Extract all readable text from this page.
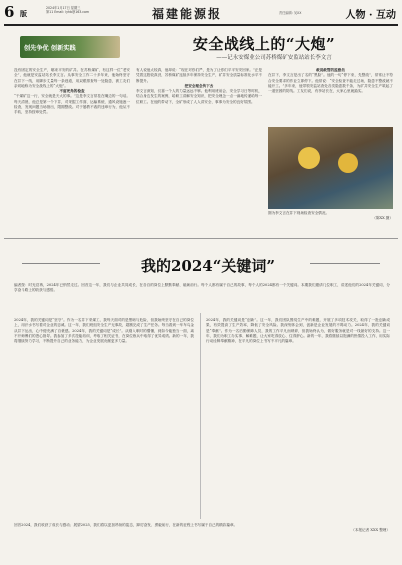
6 版
2024年1月17日 星期三
第11 Email: lyhb@163.com	福建能源报	责任编辑: 吴XX	人物 · 互动
创先争优 创新实践	安全战线上的“大炮”
——记永安煤业公司苏桥煤矿安监站站长李文言
没有固定的安全生产，哪来平安的矿井。在苏桥煤矿，有这样一位“老安全”，他就是安监站站长李文言。从事安全工作二十多年来，他始终坚守在井下一线，用脚步丈量每一条巷道，用双眼排查每一处隐患，被工友们亲切地称为安全战线上的“大炮”。
不留死角的检查
“干煤矿这一行，安全就是天大的事。”这是李文言常挂在嘴边的一句话。每天清晨，他总是第一个下井，对采掘工作面、运输系统、通风设施逐一检查，发现问题当场指出，限期整改。对于屡教不改的违章行为，他从不手软，坚持按章处罚。
有人说他太较真，他却说：“现在对你们严，是为了让你们平平安安回家。”正是凭着这股较真劲，苏桥煤矿连续多年保持安全生产，矿井安全质量标准化水平不断提升。
把安全理念传下去
李文言深知，仅靠一个人的力量远远不够。他利用班前会、安全学习日等时机，结合身边发生的案例，给职工讲解安全知识，把安全理念一点一滴地传递给每一位职工。在他的带动下，全矿形成了人人讲安全、事事为安全的良好氛围。
敢说敢管的监督员
在井下，李文言是出了名的“黑脸”。他的一句“停下来，先整改”，常常让不符合安全要求的作业立即停下。他常说：“安全检查不能走过场，隐患不整改就不能开工。”多年来，他带领安监站查处各类隐患数千条，为矿井安全生产筑起了一道坚固的防线。工友们说，有李站长在，大家心里就踏实。
图为李文言在井下现场检查安全情况。
（陈XX 摄）
我的2024“关键词”
编者按：时光荏苒，2024年已悄然走过。回首这一年，我们与企业共同成长，在各自的岗位上默默奉献、砥砺前行。每个人都有属于自己的故事，每个人的2024都有一个关键词。本期我们邀请几位职工，讲述他们的2024年关键词，分享奋斗路上的收获与感悟。
2024年，我的关键词是“坚守”。作为一名井下采煤工，我每天面对的是黑暗与危险，但我始终坚守在自己的岗位上，用汗水书写着对企业的忠诚。这一年，我们班组安全生产无事故，超额完成了生产任务。每当看到一车车乌金从井下运出，心中便充满了自豪感。2024年，我的关键词是“成长”。从刚入职时的懵懂，到如今能独当一面，离不开师傅们的悉心指导。我参加了多次技能培训，考取了相关证书，在岗位练兵中取得了优异成绩。新的一年，我将继续努力学习，不断提升自己的业务能力，为企业发展贡献更多力量。
2024年，我的关键词是“创新”。这一年，我们团队围绕生产中的难题，开展了多项技术攻关，取得了一批创新成果，有效提高了生产效率，降低了安全风险。我深刻体会到，创新是企业发展的不竭动力。2024年，我的关键词是“奉献”。作为一名后勤保障人员，我的工作平凡而琐碎，但我始终认为，做好服务就是对一线最好的支持。这一年，我们为职工办实事、解难题，让大家吃得放心、住得舒心。新的一年，我将继续以饱满的热情投入工作，用实际行动诠释奉献精神，在平凡的岗位上书写不平凡的篇章。
回首2024，我们收获了成长与感动；展望2025，我们将以更加昂扬的姿态，踔厉奋发、勇毅前行，在新的征程上书写属于自己的精彩篇章。
（本报记者 XXX 整理）
